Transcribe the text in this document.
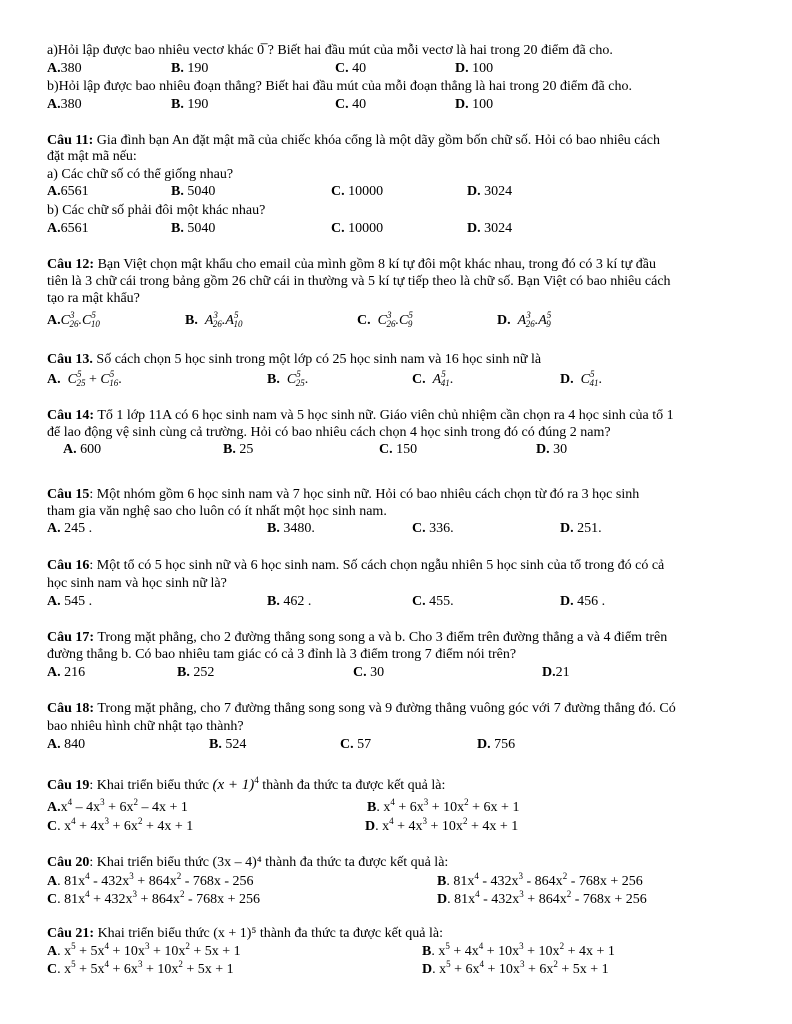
a)Hỏi lập được bao nhiêu vectơ khác 0̅ ? Biết hai đầu mút của mỗi vectơ là hai trong 20 điểm đã cho.
A.380	B. 190	C. 40	D. 100
b)Hỏi lập được bao nhiêu đoạn thẳng? Biết hai đầu mút của mỗi đoạn thẳng là hai trong 20 điểm đã cho.
A.380	B. 190	C. 40	D. 100
Câu 11: Gia đình bạn An đặt mật mã của chiếc khóa cổng là một dãy gồm bốn chữ số. Hỏi có bao nhiêu cách
đặt mật mã nếu:
a) Các chữ số có thể giống nhau?
A.6561	B. 5040	C. 10000	D. 3024
b) Các chữ số phải đôi một khác nhau?
A.6561	B. 5040	C. 10000	D. 3024
Câu 12: Bạn Việt chọn mật khẩu cho email của mình gồm 8 kí tự đôi một khác nhau, trong đó có 3 kí tự đầu
tiên là 3 chữ cái trong bảng gồm 26 chữ cái in thường và 5 kí tự tiếp theo là chữ số. Bạn Việt có bao nhiêu cách
tạo ra mật khẩu?
$A.C^3_{26}.C^5_{10}$	B.  $A^3_{26}.A^5_{10}$	C.  $C^3_{26}.C^5_9$	D.  $A^3_{26}.A^5_9$
Câu 13. Số cách chọn 5 học sinh trong một lớp có 25 học sinh nam và 16 học sinh nữ là
A.  $C^5_{25} + C^5_{16}$.	B.  $C^5_{25}$.	C.  $A^5_{41}$.	D.  $C^5_{41}$.
Câu 14: Tổ 1 lớp 11A có 6 học sinh nam và 5 học sinh nữ. Giáo viên chủ nhiệm cần chọn ra 4 học sinh của tổ 1
để lao động vệ sinh cùng cả trường. Hỏi có bao nhiêu cách chọn 4 học sinh trong đó có đúng 2 nam?
A. 600	B. 25	C. 150	D. 30
Câu 15: Một nhóm gồm 6 học sinh nam và 7 học sinh nữ. Hỏi có bao nhiêu cách chọn từ đó ra 3 học sinh
tham gia văn nghệ sao cho luôn có ít nhất một học sinh nam.
A. 245 .	B. 3480.	C. 336.	D. 251.
Câu 16: Một tổ có 5 học sinh nữ và 6 học sinh nam. Số cách chọn ngẫu nhiên 5 học sinh của tổ trong đó có cả
học sinh nam và học sinh nữ là?
A. 545 .	B. 462 .	C. 455.	D. 456 .
Câu 17: Trong mặt phẳng, cho 2 đường thẳng song song a và b. Cho 3 điểm trên đường thẳng a và 4 điểm trên
đường thẳng b. Có bao nhiêu tam giác có cả 3 đỉnh là 3 điểm trong 7 điểm nói trên?
A. 216	B. 252	C. 30	D.21
Câu 18: Trong mặt phẳng, cho 7 đường thẳng song song và 9 đường thẳng vuông góc với 7 đường thẳng đó. Có
bao nhiêu hình chữ nhật tạo thành?
A. 840	B. 524	C. 57	D. 756
Câu 19: Khai triển biểu thức $(x + 1)^4$ thành đa thức ta được kết quả là:
$A.x^4 - 4x^3 + 6x^2 - 4x + 1$	B. $x^4 + 6x^3 + 10x^2 + 6x + 1$
C. $x^4 + 4x^3 + 6x^2 + 4x + 1$	D. $x^4 + 4x^3 + 10x^2 + 4x + 1$
Câu 20: Khai triển biểu thức (3x – 4)⁴ thành đa thức ta được kết quả là:
A. $81x^4 - 432x^3 + 864x^2 - 768x - 256$	B. $81x^4 - 432x^3 - 864x^2 - 768x + 256$
C. $81x^4 + 432x^3 + 864x^2 - 768x + 256$	D. $81x^4 - 432x^3 + 864x^2 - 768x + 256$
Câu 21: Khai triển biểu thức (x + 1)⁵ thành đa thức ta được kết quả là:
A. $x^5 + 5x^4 + 10x^3 + 10x^2 + 5x + 1$	B. $x^5 + 4x^4 + 10x^3 + 10x^2 + 4x + 1$
C. $x^5 + 5x^4 + 6x^3 + 10x^2 + 5x + 1$	D. $x^5 + 6x^4 + 10x^3 + 6x^2 + 5x + 1$
